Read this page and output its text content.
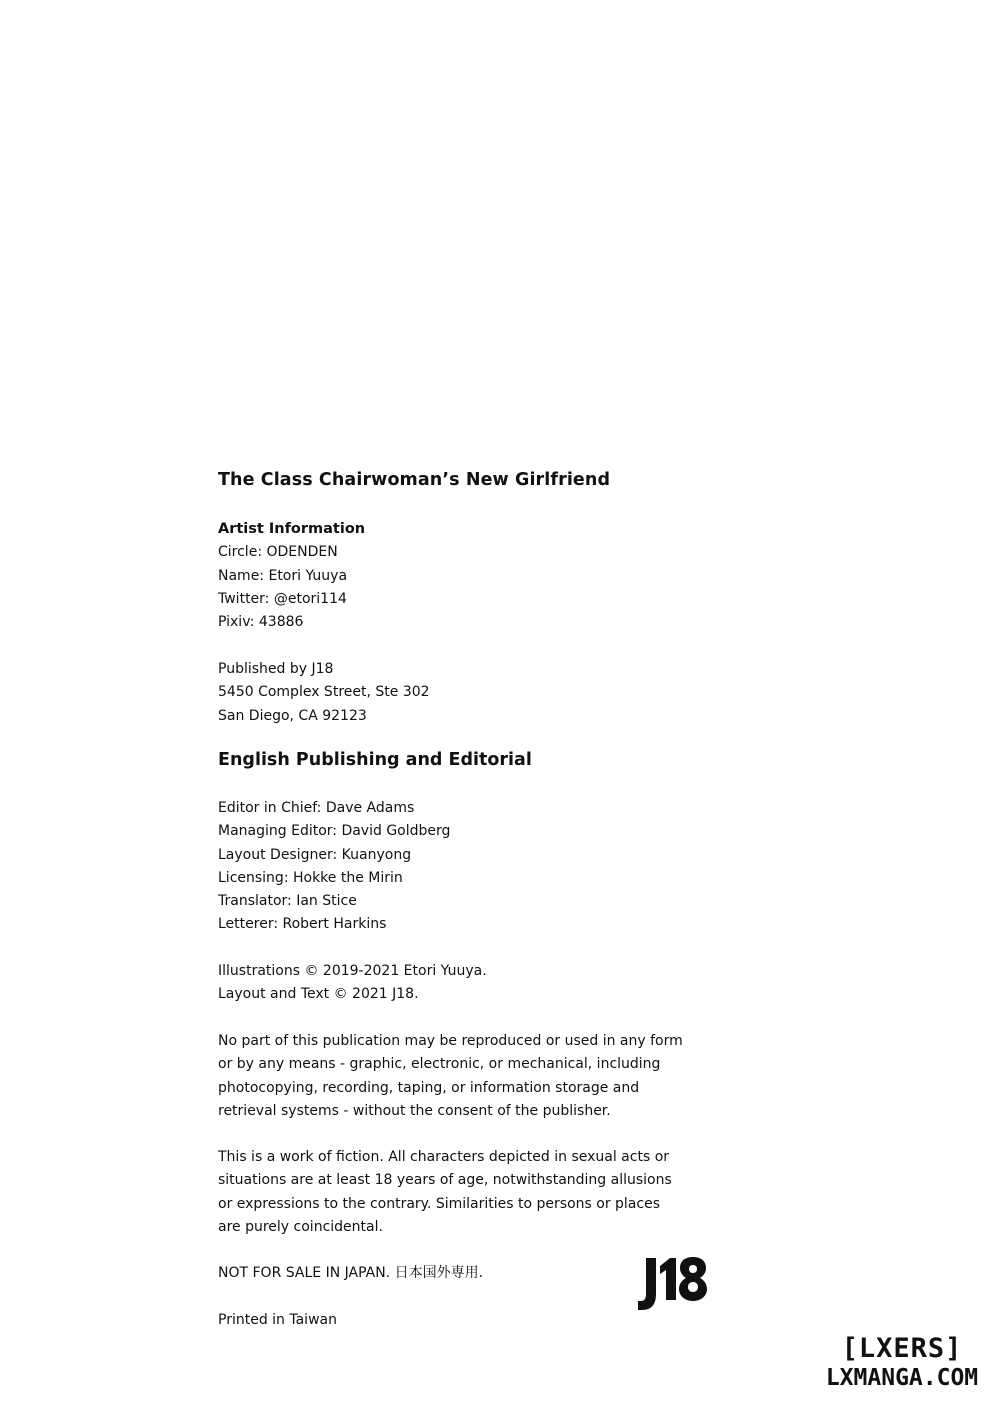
The Class Chairwoman’s New Girlfriend
Artist Information
Circle: ODENDEN
Name: Etori Yuuya
Twitter: @etori114
Pixiv: 43886
Published by J18
5450 Complex Street, Ste 302
San Diego, CA 92123
English Publishing and Editorial
Editor in Chief: Dave Adams
Managing Editor: David Goldberg
Layout Designer: Kuanyong
Licensing: Hokke the Mirin
Translator: Ian Stice
Letterer: Robert Harkins
Illustrations © 2019-2021 Etori Yuuya.
Layout and Text © 2021 J18.
No part of this publication may be reproduced or used in any form
or by any means - graphic, electronic, or mechanical, including
photocopying, recording, taping, or information storage and
retrieval systems - without the consent of the publisher.
This is a work of fiction. All characters depicted in sexual acts or
situations are at least 18 years of age, notwithstanding allusions
or expressions to the contrary. Similarities to persons or places
are purely coincidental.
NOT FOR SALE IN JAPAN. 日本国外専用.
Printed in Taiwan
[LXERS]
LXMANGA.COM
